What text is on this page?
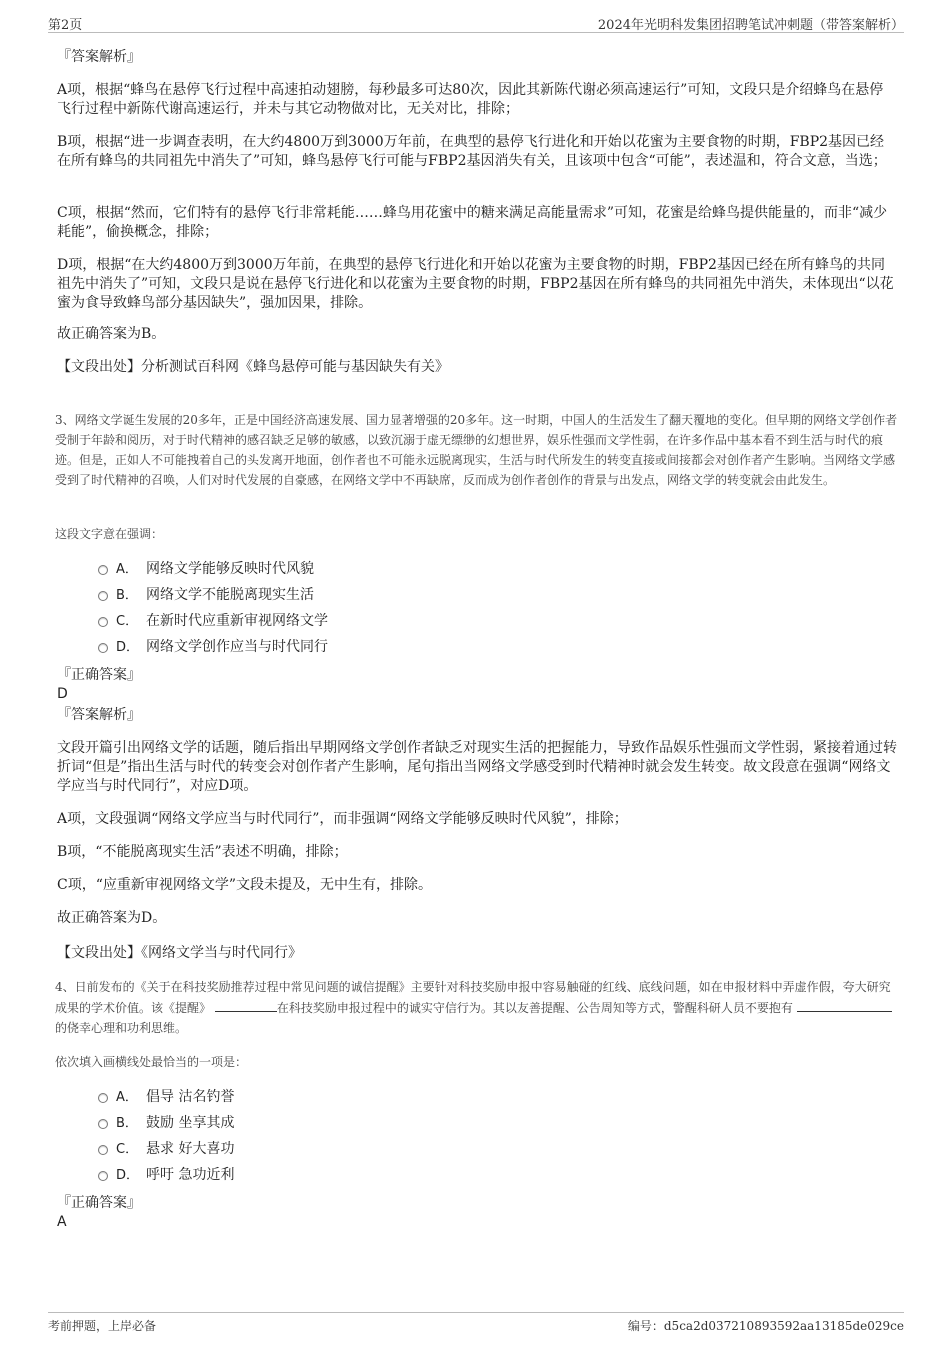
第2页	2024年光明科发集团招聘笔试冲刺题（带答案解析）

『答案解析』

A项，根据“蜂鸟在悬停飞行过程中高速拍动翅膀，每秒最多可达80次，因此其新陈代谢必须高速运行”可知，文段只是介绍蜂鸟在悬停飞行过程中新陈代谢高速运行，并未与其它动物做对比，无关对比，排除；

B项，根据“进一步调查表明，在大约4800万到3000万年前，在典型的悬停飞行进化和开始以花蜜为主要食物的时期，FBP2基因已经在所有蜂鸟的共同祖先中消失了”可知，蜂鸟悬停飞行可能与FBP2基因消失有关，且该项中包含“可能”，表述温和，符合文意，当选；

C项，根据“然而，它们特有的悬停飞行非常耗能……蜂鸟用花蜜中的糖来满足高能量需求”可知，花蜜是给蜂鸟提供能量的，而非“减少耗能”，偷换概念，排除；

D项，根据“在大约4800万到3000万年前，在典型的悬停飞行进化和开始以花蜜为主要食物的时期，FBP2基因已经在所有蜂鸟的共同祖先中消失了”可知，文段只是说在悬停飞行进化和以花蜜为主要食物的时期，FBP2基因在所有蜂鸟的共同祖先中消失，未体现出“以花蜜为食导致蜂鸟部分基因缺失”，强加因果，排除。

故正确答案为B。

【文段出处】分析测试百科网《蜂鸟悬停可能与基因缺失有关》

3、网络文学诞生发展的20多年，正是中国经济高速发展、国力显著增强的20多年。这一时期，中国人的生活发生了翻天覆地的变化。但早期的网络文学创作者受制于年龄和阅历，对于时代精神的感召缺乏足够的敏感，以致沉溺于虚无缥缈的幻想世界，娱乐性强而文学性弱，在许多作品中基本看不到生活与时代的痕迹。但是，正如人不可能拽着自己的头发离开地面，创作者也不可能永远脱离现实，生活与时代所发生的转变直接或间接都会对创作者产生影响。当网络文学感受到了时代精神的召唤，人们对时代发展的自豪感，在网络文学中不再缺席，反而成为创作者创作的背景与出发点，网络文学的转变就会由此发生。

这段文字意在强调：

A． 网络文学能够反映时代风貌
B． 网络文学不能脱离现实生活
C． 在新时代应重新审视网络文学
D． 网络文学创作应当与时代同行

『正确答案』

D

『答案解析』

文段开篇引出网络文学的话题，随后指出早期网络文学创作者缺乏对现实生活的把握能力，导致作品娱乐性强而文学性弱，紧接着通过转折词“但是”指出生活与时代的转变会对创作者产生影响，尾句指出当网络文学感受到时代精神时就会发生转变。故文段意在强调“网络文学应当与时代同行”，对应D项。

A项，文段强调“网络文学应当与时代同行”，而非强调“网络文学能够反映时代风貌”，排除；

B项，“不能脱离现实生活”表述不明确，排除；

C项，“应重新审视网络文学”文段未提及，无中生有，排除。

故正确答案为D。

【文段出处】《网络文学当与时代同行》

4、日前发布的《关于在科技奖励推荐过程中常见问题的诚信提醒》主要针对科技奖励申报中容易触碰的红线、底线问题，如在申报材料中弄虚作假，夸大研究成果的学术价值。该《提醒》	在科技奖励申报过程中的诚实守信行为。其以友善提醒、公告周知等方式，警醒科研人员不要抱有 的侥幸心理和功利思维。

依次填入画横线处最恰当的一项是：

A． 倡导 沽名钓誉
B． 鼓励 坐享其成
C． 悬求 好大喜功
D． 呼吁 急功近利

『正确答案』

A

考前押题，上岸必备	编号：d5ca2d037210893592aa13185de029ce
